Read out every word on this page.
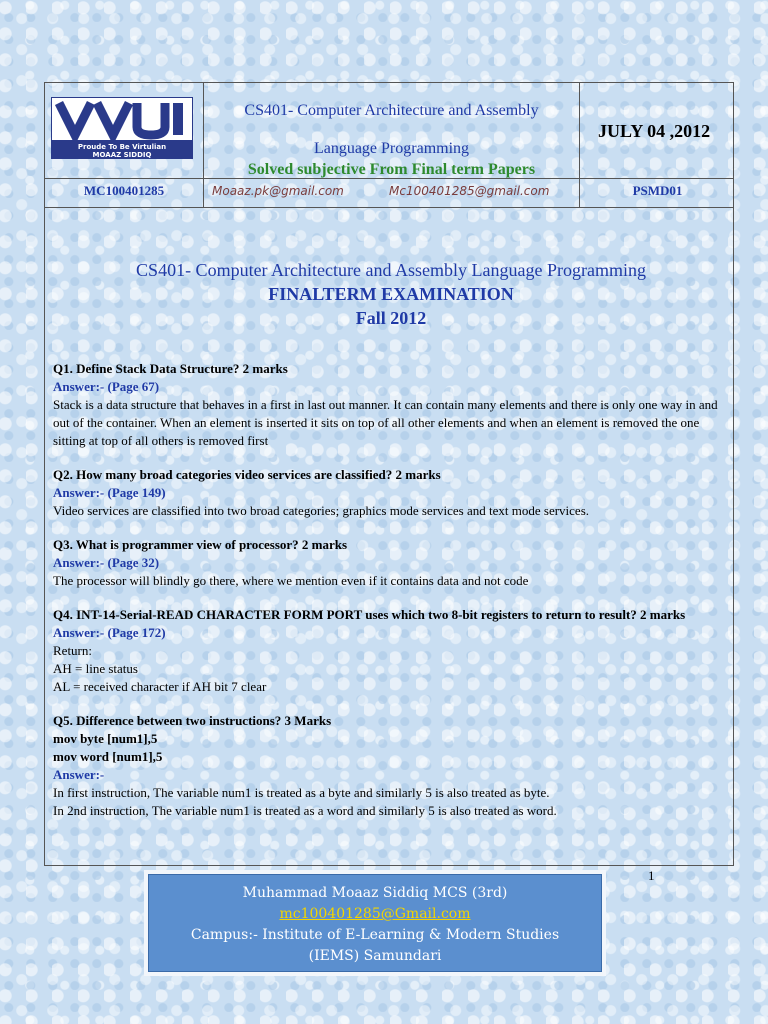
Proude To Be Virtulian
MOAAZ SIDDIQ
CS401- Computer Architecture and Assembly
Language Programming
Solved subjective From Final term Papers
JULY 04 ,2012
MC100401285	Moaaz.pk@gmail.com	Mc100401285@gmail.com	PSMD01
CS401- Computer Architecture and Assembly Language Programming
FINALTERM EXAMINATION
Fall 2012
Q1. Define Stack Data Structure? 2 marks
Answer:- (Page 67)
Stack is a data structure that behaves in a first in last out manner. It can contain many elements and there is only one way in and out of the container. When an element is inserted it sits on top of all other elements and when an element is removed the one sitting at top of all others is removed first
Q2. How many broad categories video services are classified? 2 marks
Answer:- (Page 149)
Video services are classified into two broad categories; graphics mode services and text mode services.
Q3. What is programmer view of processor? 2 marks
Answer:- (Page 32)
The processor will blindly go there, where we mention even if it contains data and not code
Q4. INT-14-Serial-READ CHARACTER FORM PORT uses which two 8-bit registers to return to result? 2 marks
Answer:- (Page 172)
Return:
AH = line status
AL = received character if AH bit 7 clear
Q5. Difference between two instructions? 3 Marks
mov byte [num1],5
mov word [num1],5
Answer:-
In first instruction, The variable num1 is treated as a byte and similarly 5 is also treated as byte.
In 2nd instruction, The variable num1 is treated as a word and similarly 5 is also treated as word.
1
Muhammad Moaaz Siddiq MCS (3rd)
mc100401285@Gmail.com
Campus:- Institute of E-Learning & Modern Studies
(IEMS) Samundari
